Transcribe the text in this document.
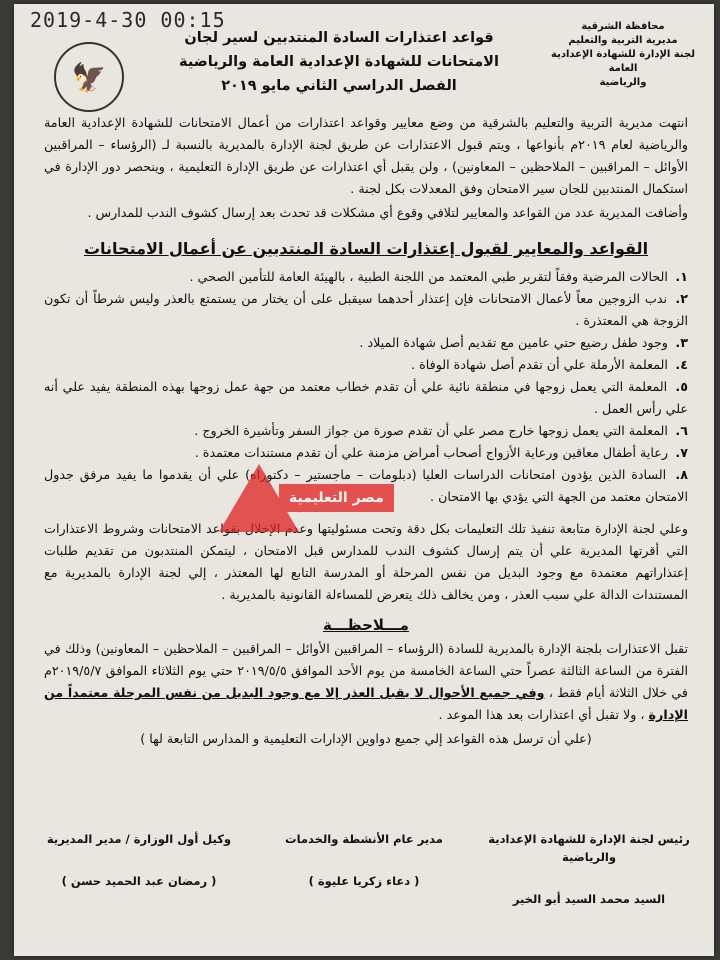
2019-4-30 00:15	محافظة الشرقية
مديرية التربية والتعليم
لجنة الإدارة للشهادة الإعدادية العامة
والرياضية
🦅
قواعد اعتذارات السادة المنتدبين لسير لجان
الامتحانات للشهادة الإعدادية العامة والرياضية
الفصل الدراسي الثاني مايو ٢٠١٩

انتهت مديرية التربية والتعليم بالشرقية من وضع معايير وقواعد اعتذارات من أعمال الامتحانات للشهادة الإعدادية العامة والرياضية لعام ٢٠١٩م بأنواعها ، ويتم قبول الاعتذارات عن طريق لجنة الإدارة بالمديرية بالنسبة لـ (الرؤساء – المراقبين الأوائل – المراقبين – الملاحظين – المعاونين) ، ولن يقبل أي اعتذارات عن طريق الإدارة التعليمية ، وينحصر دور الإدارة في استكمال المنتدبين للجان سير الامتحان وفق المعدلات بكل لجنة .

وأضافت المديرية عدد من القواعد والمعايير لتلافي وقوع أي مشكلات قد تحدث بعد إرسال كشوف الندب للمدارس .

القواعد والمعايير لقبول إعتذارات السادة المنتدبين عن أعمال الامتحانات
١. الحالات المرضية وفقاً لتقرير طبي المعتمد من اللجنة الطبية ، بالهيئة العامة للتأمين الصحي .
٢. ندب الزوجين معاً لأعمال الامتحانات فإن إعتذار أحدهما سيقبل على أن يختار من يستمتع بالعذر وليس شرطاً أن تكون الزوجة هي المعتذرة .
٣. وجود طفل رضيع حتي عامين مع تقديم أصل شهادة الميلاد .
٤. المعلمة الأرملة علي أن تقدم أصل شهادة الوفاة .
٥. المعلمة التي يعمل زوجها في منطقة نائية علي أن تقدم خطاب معتمد من جهة عمل زوجها بهذه المنطقة يفيد علي أنه علي رأس العمل .
٦. المعلمة التي يعمل زوجها خارج مصر علي أن تقدم صورة من جواز السفر وتأشيرة الخروج .
٧. رعاية أطفال معاقين ورعاية الأزواج أصحاب أمراض مزمنة علي أن تقدم مستندات معتمدة .
٨. السادة الذين يؤدون امتحانات الدراسات العليا (دبلومات – ماجستير – دكتوراه) علي أن يقدموا ما يفيد مرفق جدول الامتحان معتمد من الجهة التي يؤدي بها الامتحان .

وعلي لجنة الإدارة متابعة تنفيذ تلك التعليمات بكل دقة وتحت مسئوليتها وعدم الإخلال بقواعد الامتحانات وشروط الاعتذارات التي أقرتها المديرية علي أن يتم إرسال كشوف الندب للمدارس قبل الامتحان ، ليتمكن المنتدبون من تقديم طلبات إعتذاراتهم معتمدة مع وجود البديل من نفس المرحلة أو المدرسة التابع لها المعتذر ، إلي لجنة الإدارة بالمديرية مع المستندات الدالة علي سبب العذر ، ومن يخالف ذلك يتعرض للمساءلة القانونية بالمديرية .

مـــلاحظـــة

تقبل الاعتذارات بلجنة الإدارة بالمديرية للسادة (الرؤساء – المراقبين الأوائل – المراقبين – الملاحظين – المعاونين) وذلك في الفترة من الساعة الثالثة عصراً حتي الساعة الخامسة من يوم الأحد الموافق ٢٠١٩/٥/٥ حتي يوم الثلاثاء الموافق ٢٠١٩/٥/٧م في خلال الثلاثة أيام فقط ، وفي جميع الأحوال لا يقبل العذر إلا مع وجود البديل من نفس المرحلة معتمداً من الإدارة ، ولا تقبل أي اعتذارات بعد هذا الموعد .

(علي أن ترسل هذه القواعد إلي جميع دواوين الإدارات التعليمية و المدارس التابعة لها )

مصر التعليمية
رئيس لجنة الإدارة للشهادة الإعدادية والرياضية
السيد محمد السيد أبو الخير
مدير عام الأنشطة والخدمات
( دعاء زكريا عليوة )
وكيل أول الوزارة / مدير المديرية
( رمضان عبد الحميد حسن )
